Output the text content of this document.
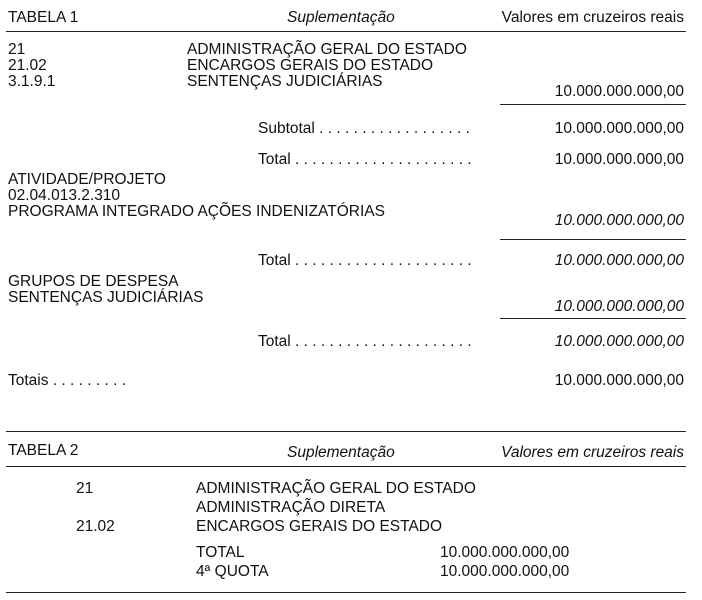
TABELA 1	Suplementação	Valores em cruzeiros reais
21	ADMINISTRAÇÃO GERAL DO ESTADO
21.02	ENCARGOS GERAIS DO ESTADO
3.1.9.1	SENTENÇAS JUDICIÁRIAS
10.000.000.000,00
Subtotal . . . . . . . . . . . . . . . . . .	10.000.000.000,00
Total . . . . . . . . . . . . . . . . . . . . .	10.000.000.000,00
ATIVIDADE/PROJETO
02.04.013.2.310
PROGRAMA INTEGRADO AÇÕES INDENIZATÓRIAS
10.000.000.000,00
Total . . . . . . . . . . . . . . . . . . . . .	10.000.000.000,00
GRUPOS DE DESPESA
SENTENÇAS JUDICIÁRIAS
10.000.000.000,00
Total . . . . . . . . . . . . . . . . . . . . .	10.000.000.000,00
Totais . . . . . . . . .	10.000.000.000,00
TABELA 2	Suplementação	Valores em cruzeiros reais
21	ADMINISTRAÇÃO GERAL DO ESTADO
ADMINISTRAÇÃO DIRETA
21.02	ENCARGOS GERAIS DO ESTADO
TOTAL	10.000.000.000,00
4ª QUOTA	10.000.000.000,00
